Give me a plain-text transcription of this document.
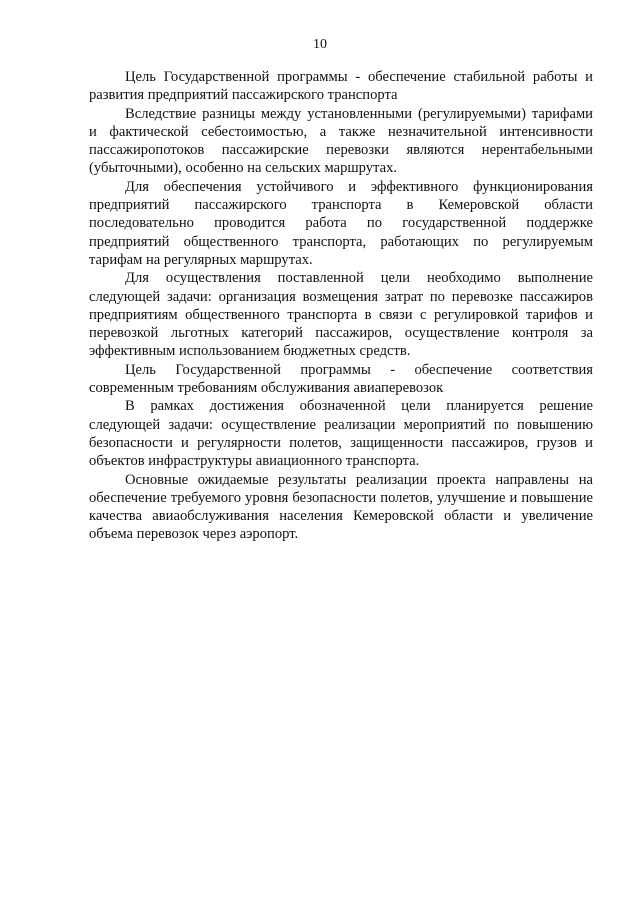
10

Цель Государственной программы - обеспечение стабильной работы и развития предприятий пассажирского транспорта

Вследствие разницы между установленными (регулируемыми) тарифами и фактической себестоимостью, а также незначительной интенсивности пассажиропотоков пассажирские перевозки являются нерентабельными (убыточными), особенно на сельских маршрутах.

Для обеспечения устойчивого и эффективного функционирования предприятий пассажирского транспорта в Кемеровской области последовательно проводится работа по государственной поддержке предприятий общественного транспорта, работающих по регулируемым тарифам на регулярных маршрутах.

Для осуществления поставленной цели необходимо выполнение следующей задачи: организация возмещения затрат по перевозке пассажиров предприятиям общественного транспорта в связи с регулировкой тарифов и перевозкой льготных категорий пассажиров, осуществление контроля за эффективным использованием бюджетных средств.

Цель Государственной программы - обеспечение соответствия современным требованиям обслуживания авиаперевозок

В рамках достижения обозначенной цели планируется решение следующей задачи: осуществление реализации мероприятий по повышению безопасности и регулярности полетов, защищенности пассажиров, грузов и объектов инфраструктуры авиационного транспорта.

Основные ожидаемые результаты реализации проекта направлены на обеспечение требуемого уровня безопасности полетов, улучшение и повышение качества авиаобслуживания населения Кемеровской области и увеличение объема перевозок через аэропорт.
